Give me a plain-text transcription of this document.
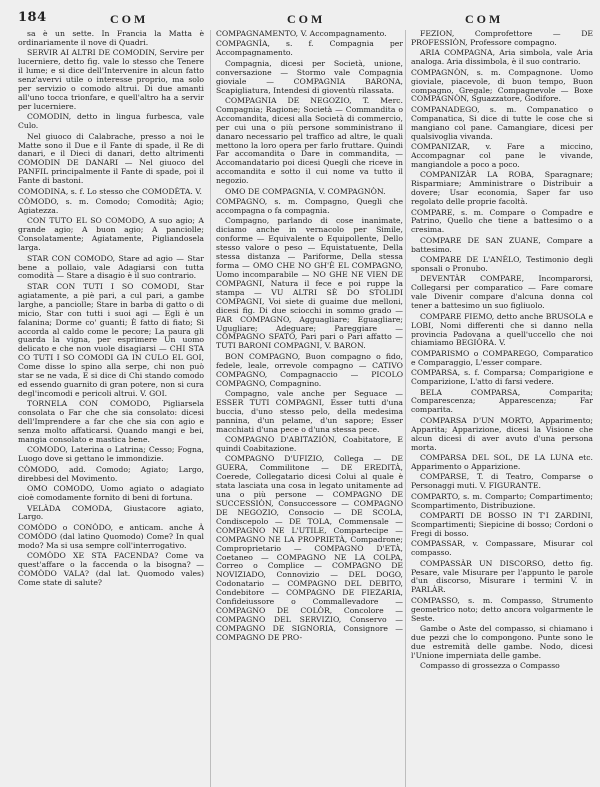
184	COM	COM	COM

sa è un sette. In Francia la Matta è ordinariamente il nove di Quadri.

SERVIR AI ALTRI DE COMODIN, Servire per lucerniere, detto fig. vale lo stesso che Tenere il lume; e si dice dell'Intervenire in alcun fatto senz'avervi utile o interesse proprio, ma solo per servizio o comodo altrui. Di due amanti all'uno tocca trionfare, e quell'altro ha a servir per lucerniere.

COMODIN, detto in lingua furbesca, vale Culo.

Nel giuoco di Calabrache, presso a noi le Matte sono il Due e il Fante di spade, il Re di danari, e il Dieci di danari, detto altrimenti COMODIN DE DANARI — Nel giuoco del PANFIL principalmente il Fante di spade, poi il Fante di bastoni.

COMODINA, s. f. Lo stesso che COMODÈTA. V.

CÒMODO, s. m. Comodo; Comodità; Agio; Agiatezza.

CON TUTO EL SO COMODO, A suo agio; A grande agio; A buon agio; A panciolle; Consolatamente; Agiatamente, Pigliandosela larga.

STAR CON COMODO, Stare ad agio — Star bene a pollaio, vale Adagiarsi con tutta comodità — Stare a disagio è il suo contrario.

STAR CON TUTI I SO COMODI, Star agiatamente, a piè pari, a cul pari, a gambe larghe, a panciolle; Stare in barba di gatto o di micio, Star con tutti i suoi agi — Egli è un falanina; Dorme co' guanti; È fatto di fiato; Si accorda al caldo come le pecore; La paura gli guarda la vigna, per esprimere Un uomo delicato e che non vuole disagiarsi — CHI STA CO TUTI I SO COMODI GA IN CULO EL GOI, Come disse lo spino alla serpe, chi non può star se ne vada, E si dice di Chi stando comodo ed essendo guarnito di gran potere, non si cura degl'incomodi e pericoli altrui. V. GOI.

TORNELA CON COMODO, Pigliarsela consolata o Far che che sia consolato: dicesi dell'Imprendere a far che che sia con agio e senza molto affaticarsi. Quando mangi e bei, mangia consolato e mastica bene.

COMODO, Laterina o Latrina; Cesso; Fogna, Luogo dove si gettano le immondizie.

CÒMODO, add. Comodo; Agiato; Largo, direbbesi del Movimento.

OMO COMODO, Uomo agiato o adagiato cioè comodamente fornito di beni di fortuna.

VELÀDA COMODA, Giustacore agiato, Largo.

COMÒDO o CONÒDO, e anticam. anche À COMÒDO (dal latino Quomodo) Come? In qual modo? Ma si usa sempre coll'interrogativo.

COMÒDO XE STA FACENDA? Come va quest'affare o la faccenda o la bisogna? — COMÒDO VALA? (dal lat. Quomodo vales) Come state di salute?

COMPAGNAMENTO, V. Accompagnamento.

COMPAGNÌA, s. f. Compagnia per Accompagnamento.

Compagnia, dicesi per Società, unione, conversazione — Stormo vale Compagnia gioviale — COMPAGNIA BARONA, Scapigliatura, Intendesi di gioventù rilassata.

COMPAGNIA DE NEGOZIO, T. Merc. Compagnia; Ragione; Società — Commandita o Accomandita, dicesi alla Società di commercio, per cui una o più persone somministrano il danaro necessario pel traffico ad altre, le quali mettono la loro opera per farlo fruttare. Quindi Far accomandita o Dare in commandita, — Accomandatario poi dicesi Quegli che riceve in accomandita e sotto il cui nome va tutto il negozio.

OMO DE COMPAGNIA, V. COMPAGNÒN.

COMPAGNO, s. m. Compagno, Quegli che accompagna o fa compagnia.

Compagno, parlando di cose inanimate, diciamo anche in vernacolo per Simile, conforme — Equivalente o Equipollente, Dello stesso valore o peso — Equistatuente, Della stessa distanza — Pariforme, Della stessa forma — OMO CHE NO GH'È EL COMPAGNO, Uomo incomparabile — NO GHE NE VIEN DE COMPAGNI, Natura il fece e poi ruppe la stampa — VU ALTRI SÈ DO STOLIDI COMPAGNI, Voi siete di guaime due melloni, dicesi fig. Di due sciocchi in sommo grado — FAR COMPAGNO, Agguagliare; Eguagliare; Ugugliare; Adeguare; Pareggiare — COMPAGNO SFATO, Pari pari o Pari affatto — TUTI BARONI COMPAGNI, V. BARON.

BON COMPAGNO, Buon compagno o fido, fedele, leale, orrevole compagno — CATIVO COMPAGNO, Compagnaccio — PICOLO COMPAGNO, Compagnino.

Compagno, vale anche per Seguace — ESSER TUTI COMPAGNI, Esser tutti d'una buccia, d'uno stesso pelo, della medesima pannina, d'un pelame, d'un sapore; Esser macchiati d'una pece o d'una stessa pece.

COMPAGNO D'ABITAZIÒN, Coabitatore, E quindi Coabitazione.

COMPAGNO D'UFIZIO, Collega — DE GUERA, Commilitone — DE EREDITÀ, Coerede, Collegatario dicesi Colui al quale è stata lasciata una cosa in legato unitamente ad una o più persone — COMPAGNO DE SUCCESSIÒN, Consuccessore — COMPAGNO DE NEGOZIO, Consocio — DE SCOLA, Condiscepolo — DE TOLA, Commensale — COMPAGNO NE L'UTILE, Compartecipe — COMPAGNO NE LA PROPRIETÀ, Compadrone; Comproprietario — COMPAGNO D'ETÀ, Coetaneo — COMPAGNO NE LA COLPA, Correo o Complice — COMPAGNO DE NOVIZIADO, Connovizio — DEL DOGO, Codonatario — COMPAGNO DEL DEBITO, Condebitore — COMPAGNO DE FIEZARIA, Confideiussore o Commallevadore — COMPAGNO DE COLÒR, Concolore — COMPAGNO DEL SERVIZIO, Conservo — COMPAGNO DE SIGNORIA, Consignore — COMPAGNO DE PRO-

FEZIÒN, Comprofettore — DE PROFESSIÒN, Professore compagno.

ARIA COMPAGNA, Aria simbola, vale Aria analoga. Aria dissimbola, è il suo contrario.

COMPAGNÒN, s. m. Compagnone. Uomo gioviale, piacevole, di buon tempo, Buon compagno, Gregale; Compagnevole — Boxe COMPAGNÒN, Sguazzatore, Godifore.

COMPANADEGO, s. m. Companatico o Companatica, Si dice di tutte le cose che si mangiano col pane. Camangiare, dicesi per qualsivoglia vivanda.

COMPANIZAR, v. Fare a miccino, Accompagnar col pane le vivande, mangiandole a poco a poco.

COMPANIZÀR LA ROBA, Sparagnare; Risparmiare; Amministrare o Distribuir a dovere; Usar economia, Saper far uso regolato delle proprie facoltà.

COMPARE, s. m. Compare o Compadre e Patrino, Quello che tiene a battesimo o a cresima.

COMPARE DE SAN ZUANE, Compare a battesimo.

COMPARE DE L'ANÈLO, Testimonio degli sponsali o Pronubo.

DEVENTÀR COMPARE, Incomparorsi, Collegarsi per comparatico — Fare comare vale Divenir compare d'alcuna donna col tener a battesimo un suo figliuolo.

COMPARE FIEMO, detto anche BRUSOLA e LOBI, Nomi differenti che si danno nella provincia Padovana a quell'uccello che noi chiamiamo BEGIÒRA. V.

COMPARISMO o COMPAREGO, Comparatico e Comparaggio, L'esser compare.

COMPARSA, s. f. Comparsa; Comparigione e Comparizione, L'atto di farsi vedere.

BELA COMPARSA, Comparita; Comparescenza; Apparescenza; Far comparita.

COMPARSA D'UN MORTO, Apparimento; Apparita; Apparizione, dicesi la Visione che alcun dicesi di aver avuto d'una persona morta.

COMPARSA DEL SOL, DE LA LUNA etc. Apparimento o Apparizione.

COMPARSE, T. di Teatro, Comparse o Personaggi muti. V. FIGURANTE.

COMPARTO, s. m. Comparto; Compartimento; Scompartimento, Distribuzione.

COMPARTI DE BOSSO IN T'I ZARDINI, Scompartimenti; Siepicine di bosso; Cordoni o Fregi di bosso.

COMPASSAR, v. Compassare, Misurar col compasso.

COMPASSÀR UN DISCORSO, detto fig. Pesare, vale Misurare per l'appunto le parole d'un discorso, Misurare i termini V. in PARLÀR.

COMPASSO, s. m. Compasso, Strumento geometrico noto; detto ancora volgarmente le Seste.

Gambe o Aste del compasso, si chiamano i due pezzi che lo compongono. Punte sono le due estremità delle gambe. Nodo, dicesi l'Unione imperniata delle gambe.

Compasso di grossezza o Compasso
